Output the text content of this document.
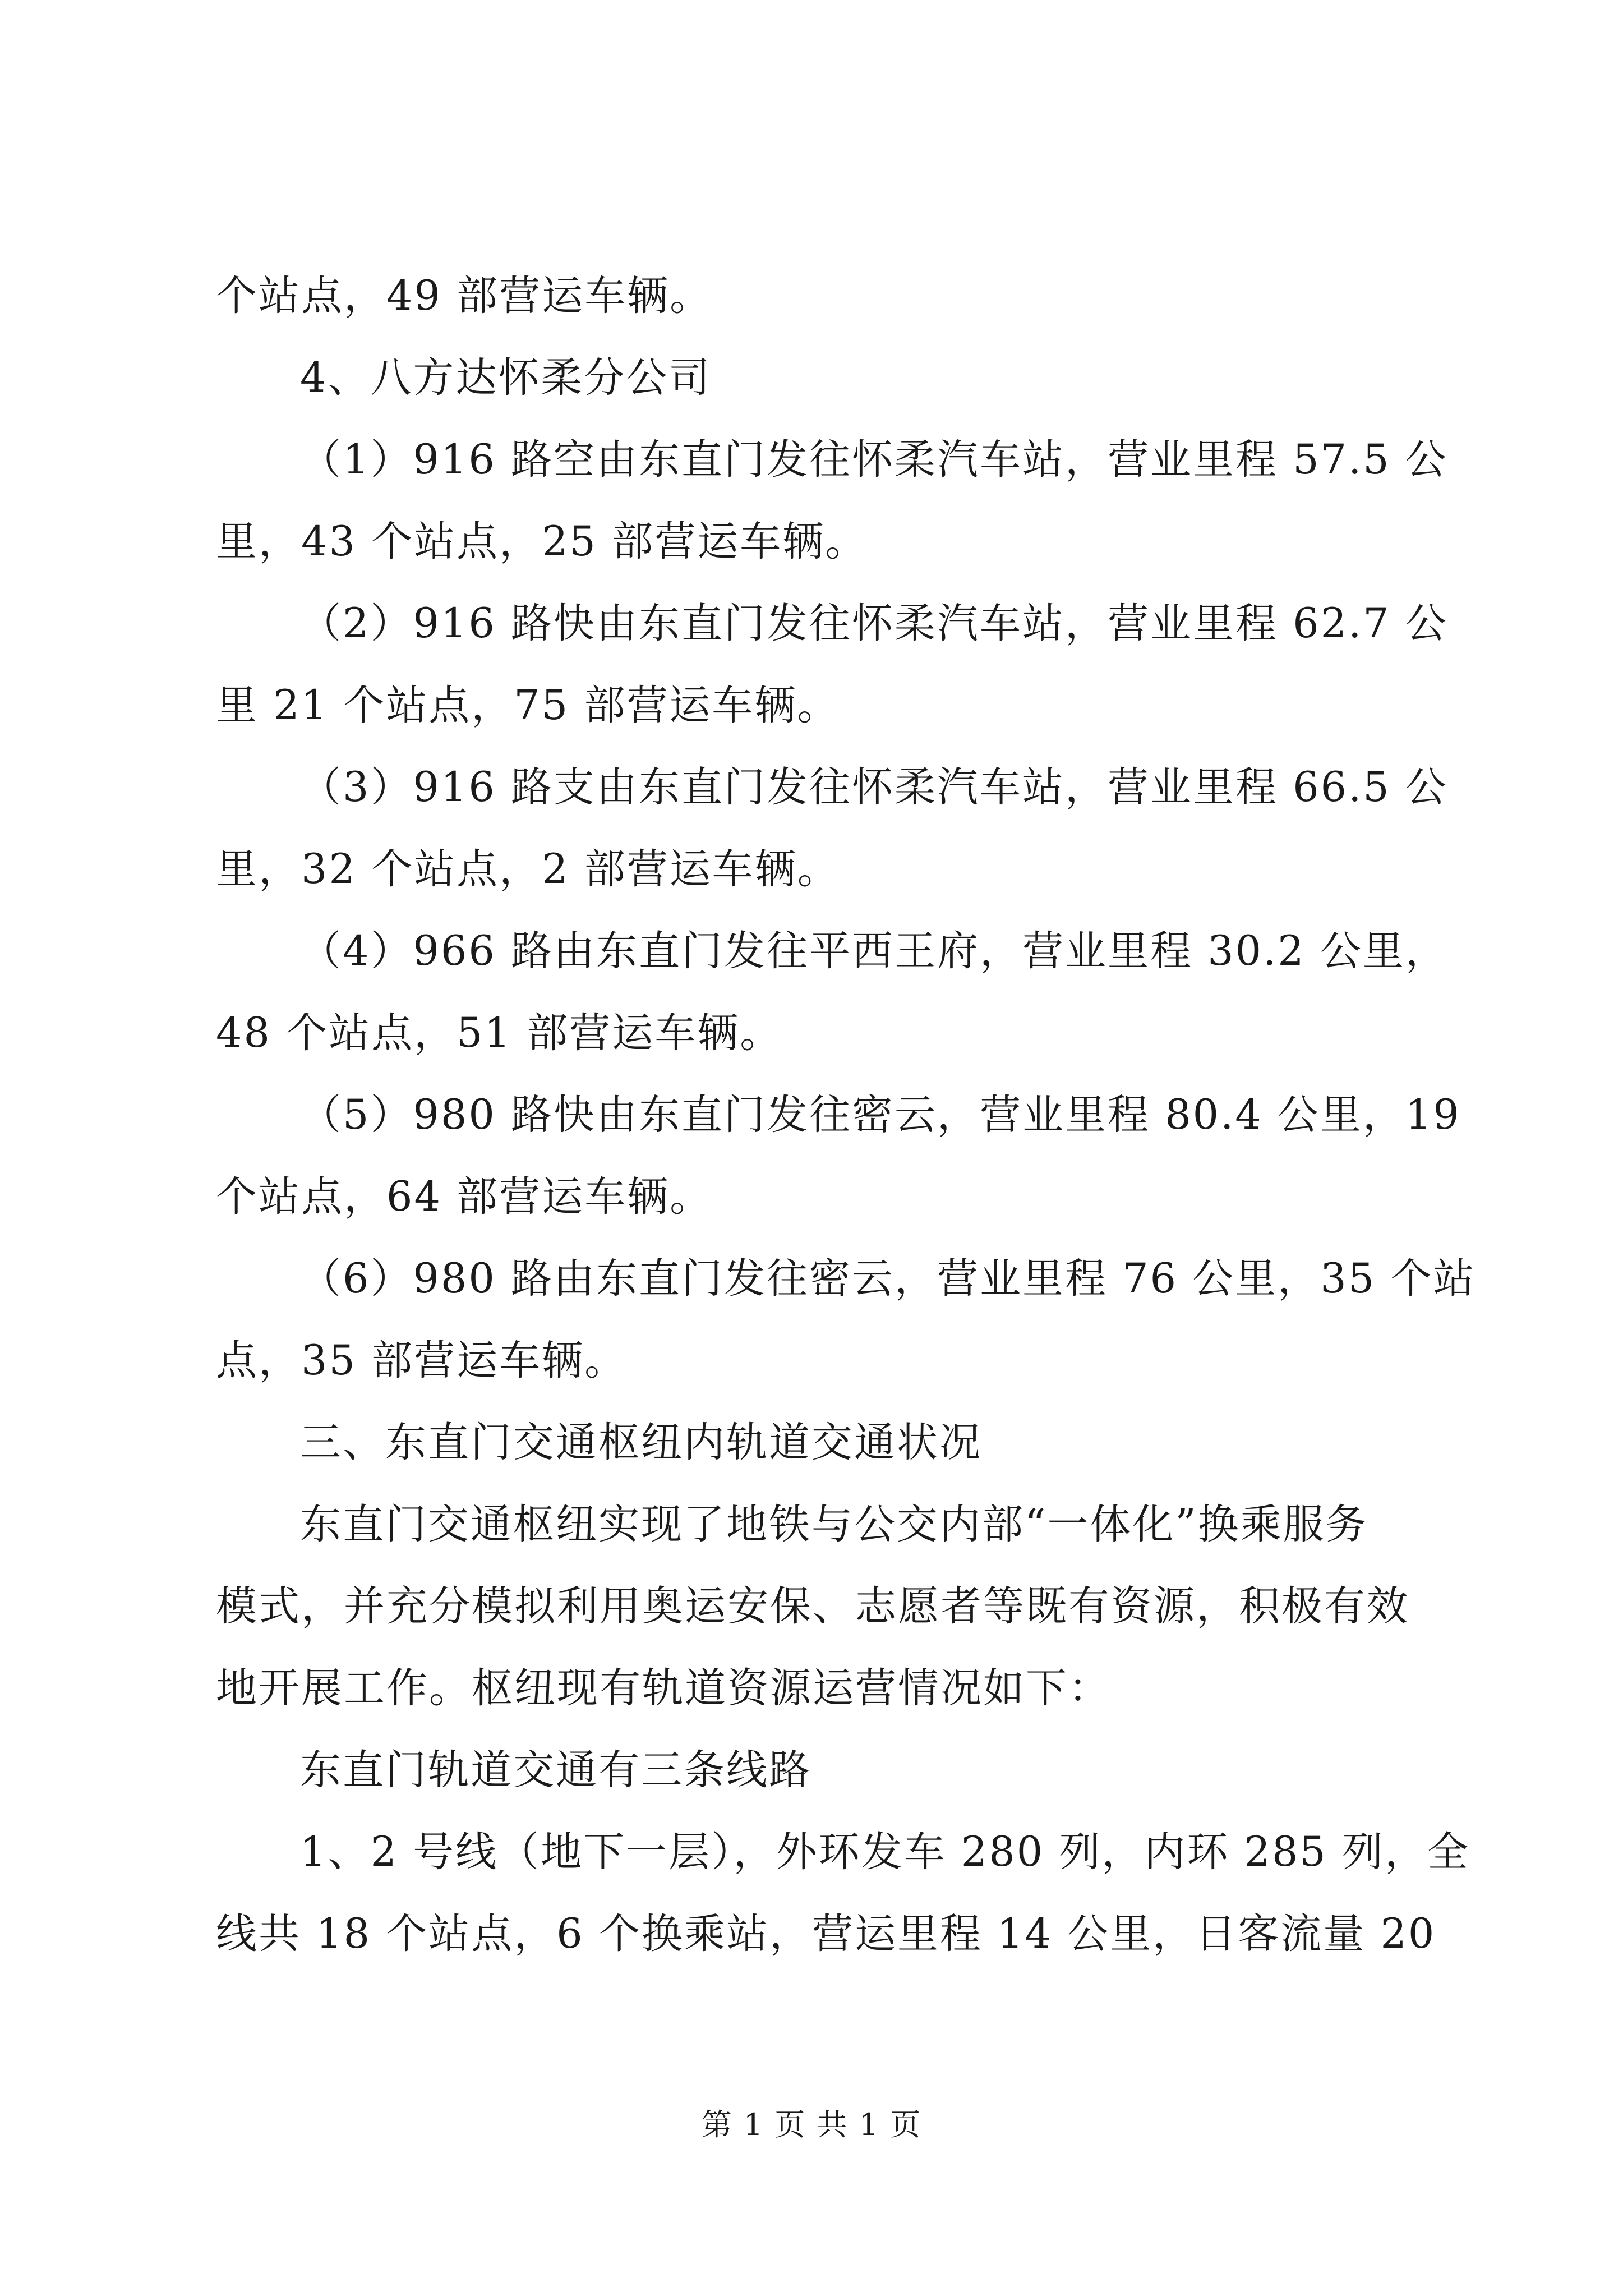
个站点，49 部营运车辆。
4、八方达怀柔分公司
（1）916 路空由东直门发往怀柔汽车站，营业里程 57.5 公
里，43 个站点，25 部营运车辆。
（2）916 路快由东直门发往怀柔汽车站，营业里程 62.7 公
里 21 个站点，75 部营运车辆。
（3）916 路支由东直门发往怀柔汽车站，营业里程 66.5 公
里，32 个站点，2 部营运车辆。
（4）966 路由东直门发往平西王府，营业里程 30.2 公里，
48 个站点，51 部营运车辆。
（5）980 路快由东直门发往密云，营业里程 80.4 公里，19
个站点，64 部营运车辆。
（6）980 路由东直门发往密云，营业里程 76 公里，35 个站
点，35 部营运车辆。
三、东直门交通枢纽内轨道交通状况
东直门交通枢纽实现了地铁与公交内部“一体化”换乘服务
模式，并充分模拟利用奥运安保、志愿者等既有资源，积极有效
地开展工作。枢纽现有轨道资源运营情况如下：
东直门轨道交通有三条线路
1、2 号线（地下一层），外环发车 280 列，内环 285 列，全
线共 18 个站点，6 个换乘站，营运里程 14 公里，日客流量 20
第 1 页 共 1 页
